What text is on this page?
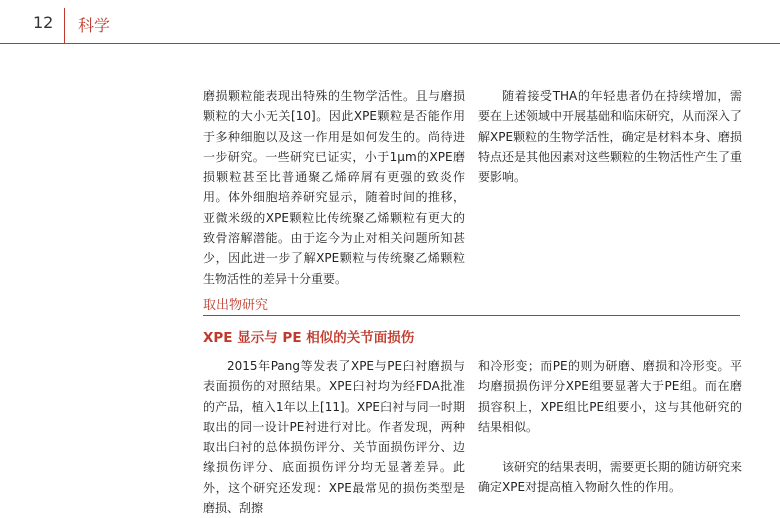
12 科学

磨损颗粒能表现出特殊的生物学活性。且与磨损颗粒的大小无关[10]。因此XPE颗粒是否能作用于多种细胞以及这一作用是如何发生的。尚待进一步研究。一些研究已证实，小于1μm的XPE磨损颗粒甚至比普通聚乙烯碎屑有更强的致炎作用。体外细胞培养研究显示，随着时间的推移，亚微米级的XPE颗粒比传统聚乙烯颗粒有更大的致骨溶解潜能。由于迄今为止对相关问题所知甚少，因此进一步了解XPE颗粒与传统聚乙烯颗粒生物活性的差异十分重要。

随着接受THA的年轻患者仍在持续增加，需要在上述领域中开展基础和临床研究，从而深入了解XPE颗粒的生物学活性，确定是材料本身、磨损特点还是其他因素对这些颗粒的生物活性产生了重要影响。

取出物研究
XPE 显示与 PE 相似的关节面损伤

2015年Pang等发表了XPE与PE臼衬磨损与表面损伤的对照结果。XPE臼衬均为经FDA批准的产品，植入1年以上[11]。XPE臼衬与同一时期取出的同一设计PE衬进行对比。作者发现，两种取出臼衬的总体损伤评分、关节面损伤评分、边缘损伤评分、底面损伤评分均无显著差异。此外，这个研究还发现：XPE最常见的损伤类型是磨损、刮擦

和冷形变；而PE的则为研磨、磨损和冷形变。平均磨损损伤评分XPE组要显著大于PE组。而在磨损容积上，XPE组比PE组要小，这与其他研究的结果相似。

该研究的结果表明，需要更长期的随访研究来确定XPE对提高植入物耐久性的作用。
